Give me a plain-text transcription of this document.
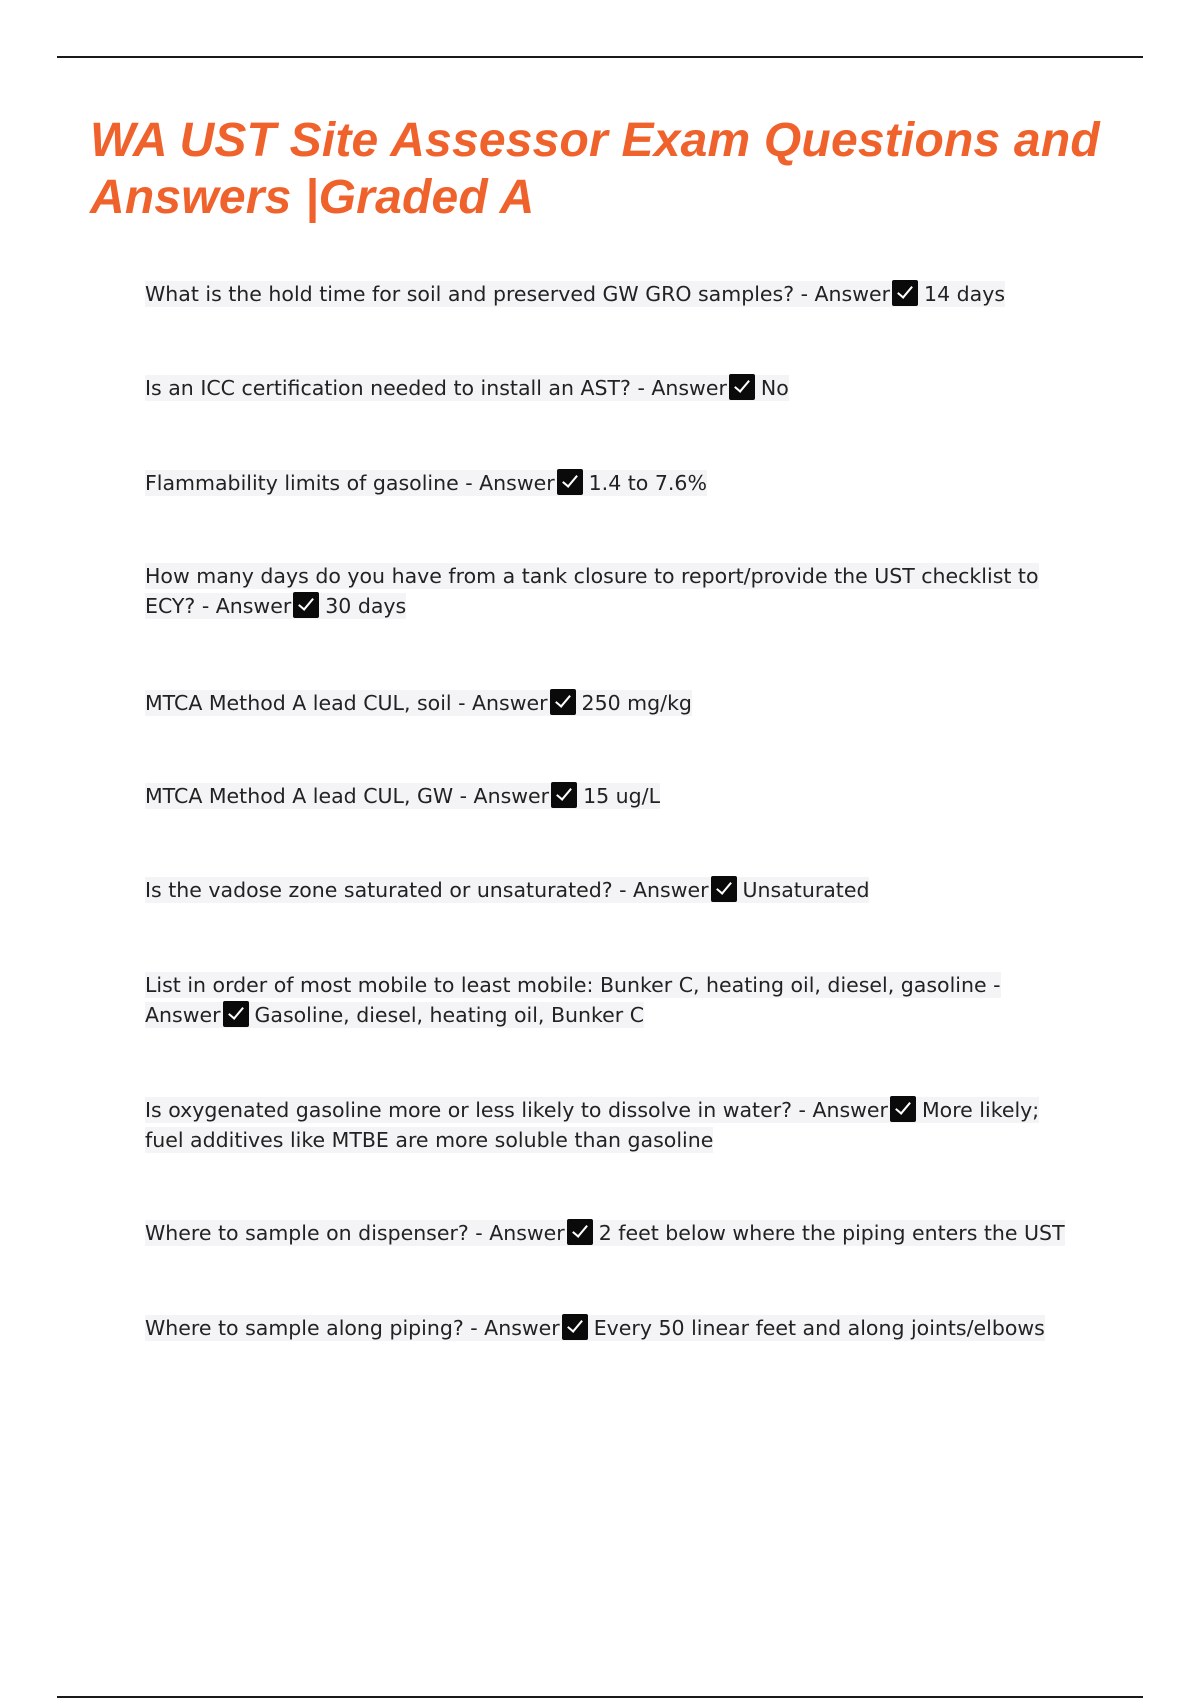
WA UST Site Assessor Exam Questions and Answers |Graded A
What is the hold time for soil and preserved GW GRO samples? - Answer 14 days
Is an ICC certification needed to install an AST? - Answer No
Flammability limits of gasoline - Answer 1.4 to 7.6%
How many days do you have from a tank closure to report/provide the UST checklist to ECY? - Answer 30 days
MTCA Method A lead CUL, soil - Answer 250 mg/kg
MTCA Method A lead CUL, GW - Answer 15 ug/L
Is the vadose zone saturated or unsaturated? - Answer Unsaturated
List in order of most mobile to least mobile: Bunker C, heating oil, diesel, gasoline - Answer Gasoline, diesel, heating oil, Bunker C
Is oxygenated gasoline more or less likely to dissolve in water? - Answer More likely; fuel additives like MTBE are more soluble than gasoline
Where to sample on dispenser? - Answer 2 feet below where the piping enters the UST
Where to sample along piping? - Answer Every 50 linear feet and along joints/elbows
